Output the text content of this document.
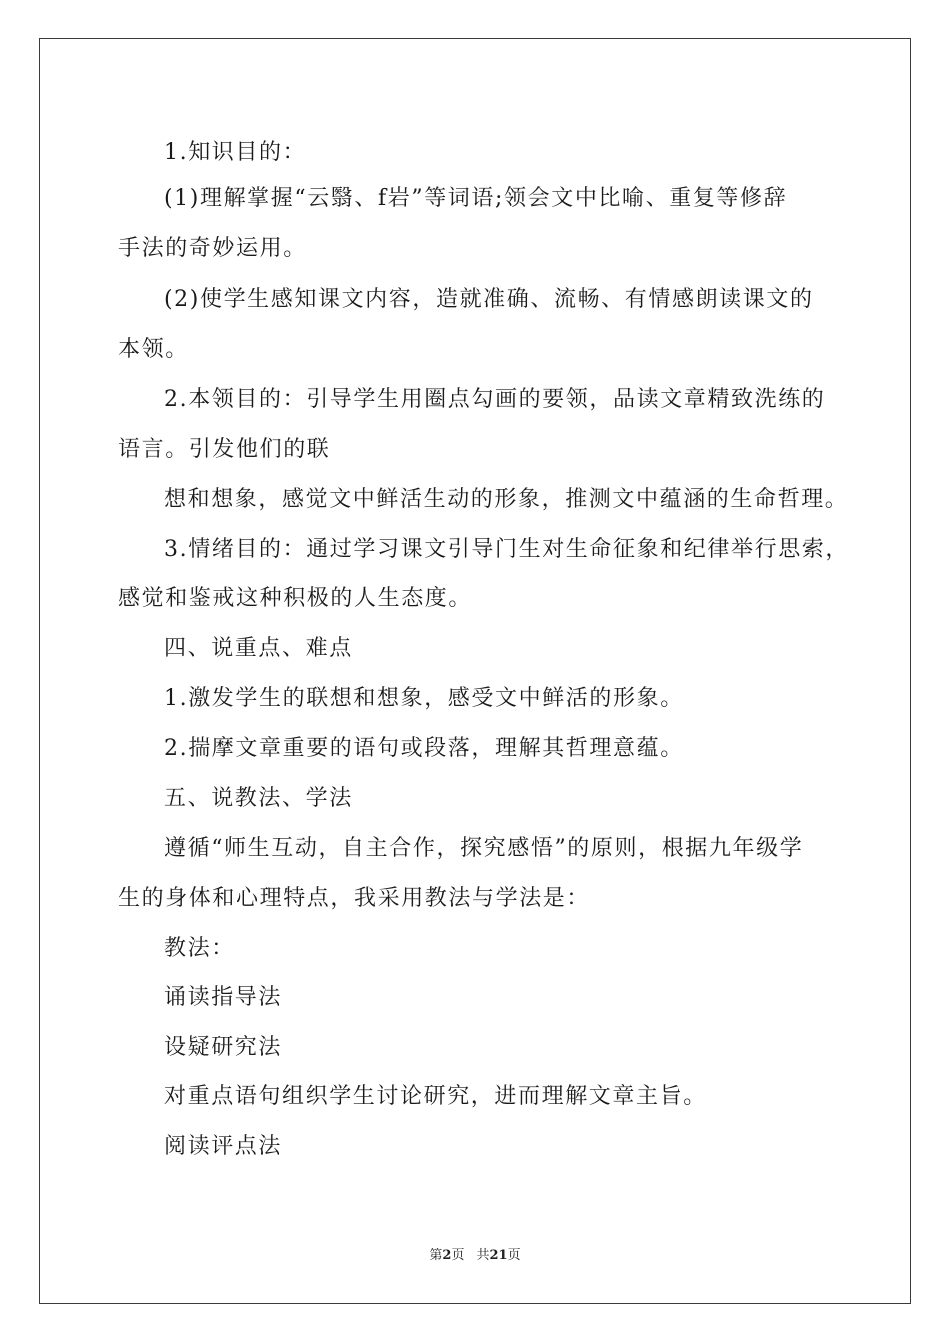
1.知识目的：
(1)理解掌握“云翳、f岩”等词语;领会文中比喻、重复等修辞
手法的奇妙运用。
(2)使学生感知课文内容，造就准确、流畅、有情感朗读课文的
本领。
2.本领目的：引导学生用圈点勾画的要领，品读文章精致洗练的
语言。引发他们的联
想和想象，感觉文中鲜活生动的形象，推测文中蕴涵的生命哲理。
3.情绪目的：通过学习课文引导门生对生命征象和纪律举行思索，
感觉和鉴戒这种积极的人生态度。
四、说重点、难点
1.激发学生的联想和想象，感受文中鲜活的形象。
2.揣摩文章重要的语句或段落，理解其哲理意蕴。
五、说教法、学法
遵循“师生互动，自主合作，探究感悟”的原则，根据九年级学
生的身体和心理特点，我采用教法与学法是：
教法：
诵读指导法
设疑研究法
对重点语句组织学生讨论研究，进而理解文章主旨。
阅读评点法
第2页 共21页
